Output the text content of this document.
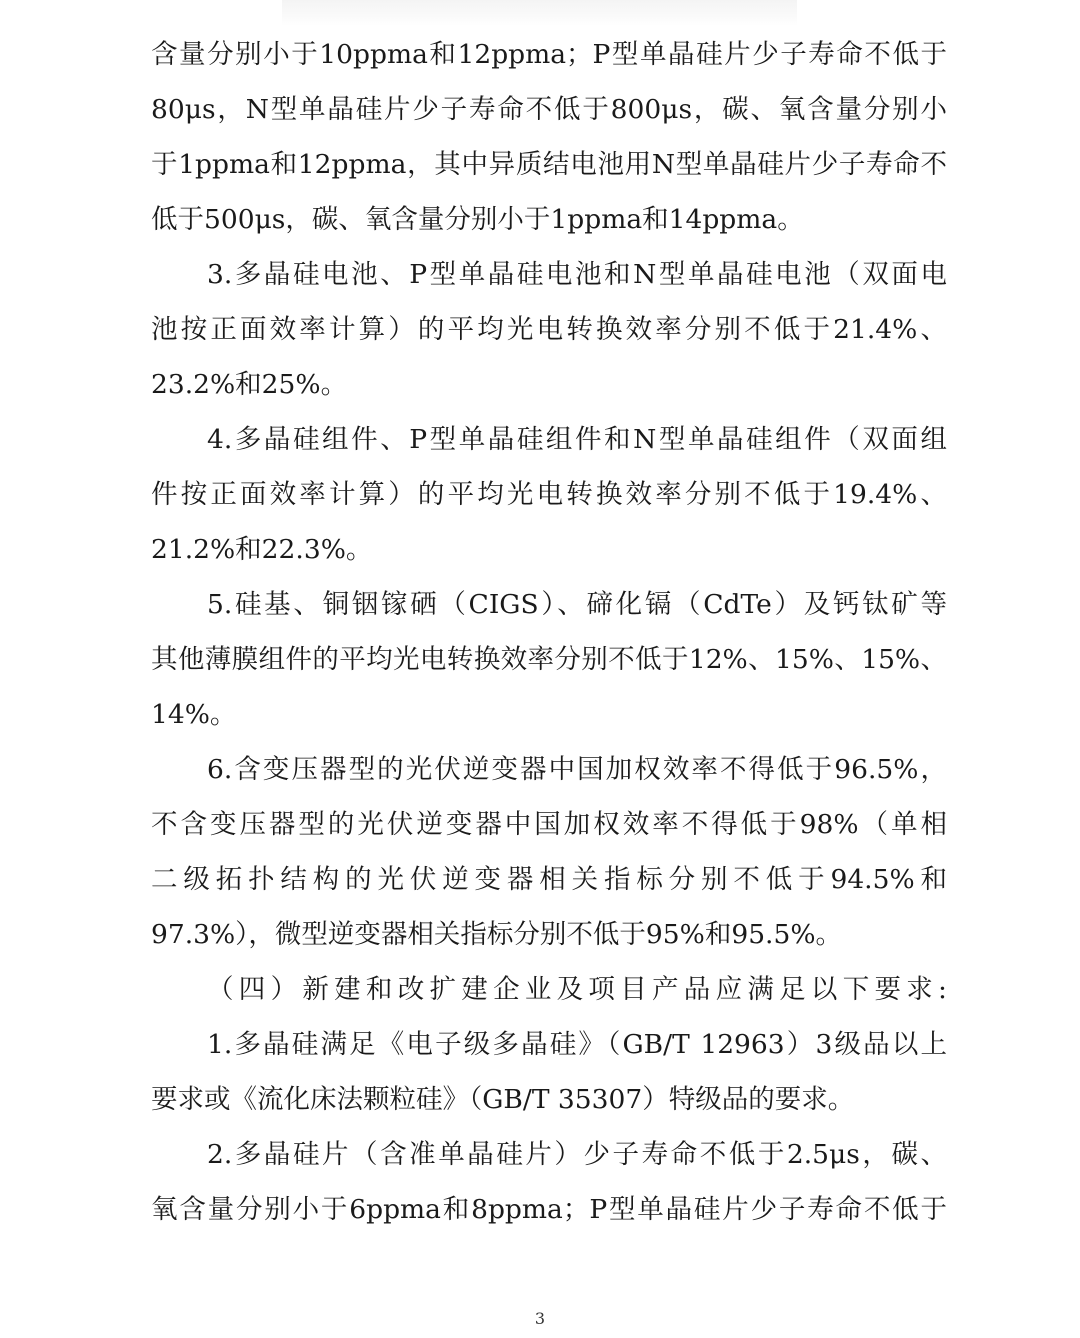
含量分别小于10ppma和12ppma；P型单晶硅片少子寿命不低于
80μs，N型单晶硅片少子寿命不低于800μs，碳、氧含量分别小
于1ppma和12ppma，其中异质结电池用N型单晶硅片少子寿命不
低于500μs，碳、氧含量分别小于1ppma和14ppma。
3.多晶硅电池、P型单晶硅电池和N型单晶硅电池（双面电
池按正面效率计算）的平均光电转换效率分别不低于21.4%、
23.2%和25%。
4.多晶硅组件、P型单晶硅组件和N型单晶硅组件（双面组
件按正面效率计算）的平均光电转换效率分别不低于19.4%、
21.2%和22.3%。
5.硅基、铜铟镓硒（CIGS）、碲化镉（CdTe）及钙钛矿等
其他薄膜组件的平均光电转换效率分别不低于12%、15%、15%、
14%。
6.含变压器型的光伏逆变器中国加权效率不得低于96.5%，
不含变压器型的光伏逆变器中国加权效率不得低于98%（单相
二级拓扑结构的光伏逆变器相关指标分别不低于94.5%和
97.3%），微型逆变器相关指标分别不低于95%和95.5%。
（四）新建和改扩建企业及项目产品应满足以下要求:
1.多晶硅满足《电子级多晶硅》（GB/T 12963）3级品以上
要求或《流化床法颗粒硅》（GB/T 35307）特级品的要求。
2.多晶硅片（含准单晶硅片）少子寿命不低于2.5μs，碳、
氧含量分别小于6ppma和8ppma；P型单晶硅片少子寿命不低于
3
